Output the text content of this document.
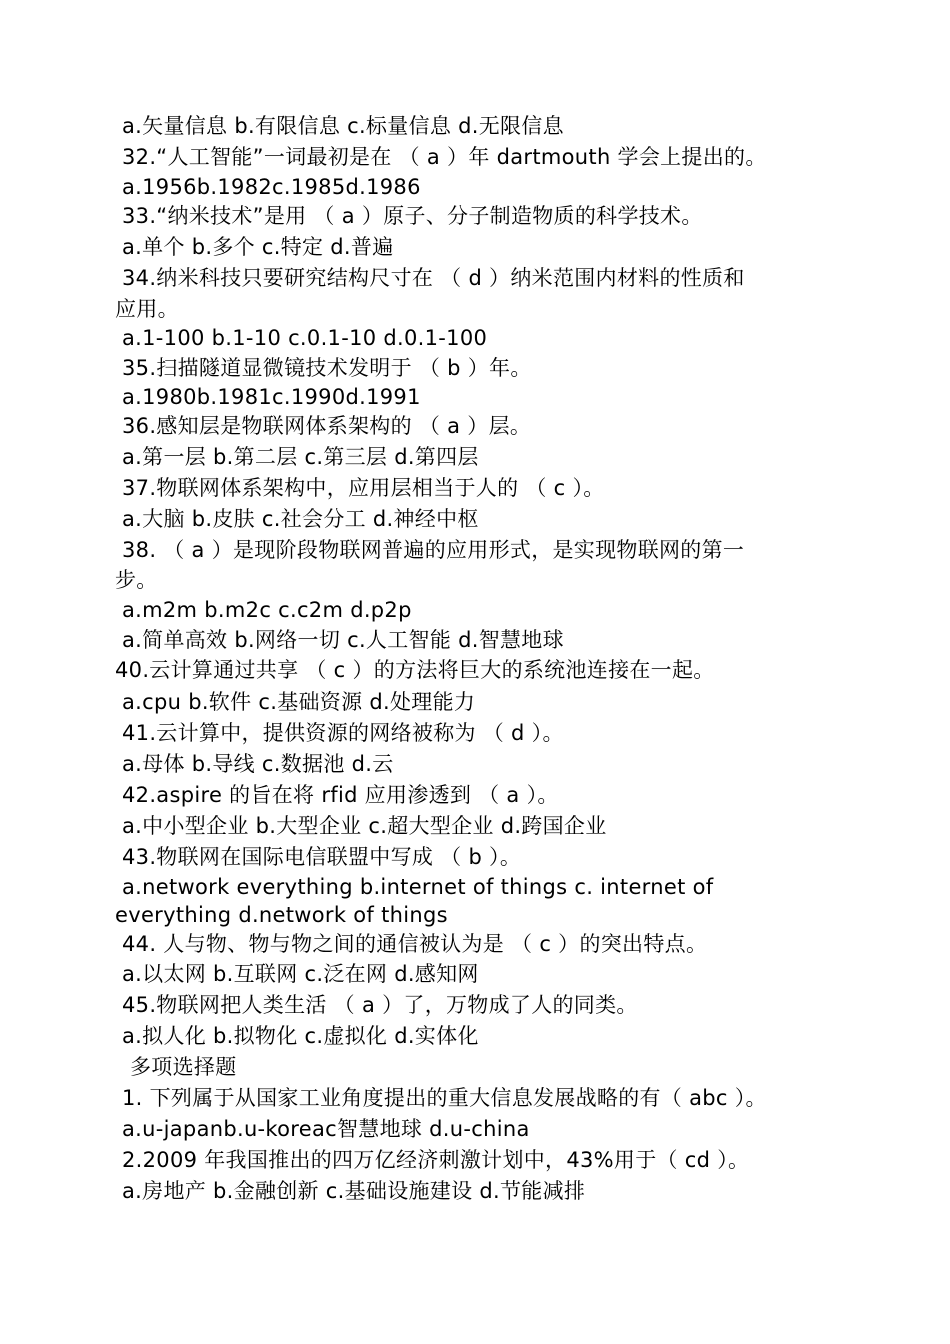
a.矢量信息 b.有限信息 c.标量信息 d.无限信息
32.“人工智能”一词最初是在 （ a ）年 dartmouth 学会上提出的。
a.1956b.1982c.1985d.1986
33.“纳米技术”是用 （ a ）原子、分子制造物质的科学技术。
a.单个 b.多个 c.特定 d.普遍
34.纳米科技只要研究结构尺寸在 （ d ）纳米范围内材料的性质和
应用。
a.1-100 b.1-10 c.0.1-10 d.0.1-100
35.扫描隧道显微镜技术发明于 （ b ）年。
a.1980b.1981c.1990d.1991
36.感知层是物联网体系架构的 （ a ）层。
a.第一层 b.第二层 c.第三层 d.第四层
37.物联网体系架构中，应用层相当于人的 （ c ）。
a.大脑 b.皮肤 c.社会分工 d.神经中枢
38. （ a ）是现阶段物联网普遍的应用形式，是实现物联网的第一
步。
a.m2m b.m2c c.c2m d.p2p
a.简单高效 b.网络一切 c.人工智能 d.智慧地球
40.云计算通过共享 （ c ）的方法将巨大的系统池连接在一起。
a.cpu b.软件 c.基础资源 d.处理能力
41.云计算中，提供资源的网络被称为 （ d ）。
a.母体 b.导线 c.数据池 d.云
42.aspire 的旨在将 rfid 应用渗透到 （ a ）。
a.中小型企业 b.大型企业 c.超大型企业 d.跨国企业
43.物联网在国际电信联盟中写成 （ b ）。
a.network everything b.internet of things c. internet of
everything d.network of things
44. 人与物、物与物之间的通信被认为是 （ c ）的突出特点。
a.以太网 b.互联网 c.泛在网 d.感知网
45.物联网把人类生活 （ a ）了，万物成了人的同类。
a.拟人化 b.拟物化 c.虚拟化 d.实体化
多项选择题
1. 下列属于从国家工业角度提出的重大信息发展战略的有（ abc ）。
a.u-japanb.u-koreac智慧地球 d.u-china
2.2009 年我国推出的四万亿经济刺激计划中，43%用于（ cd ）。
a.房地产 b.金融创新 c.基础设施建设 d.节能减排
